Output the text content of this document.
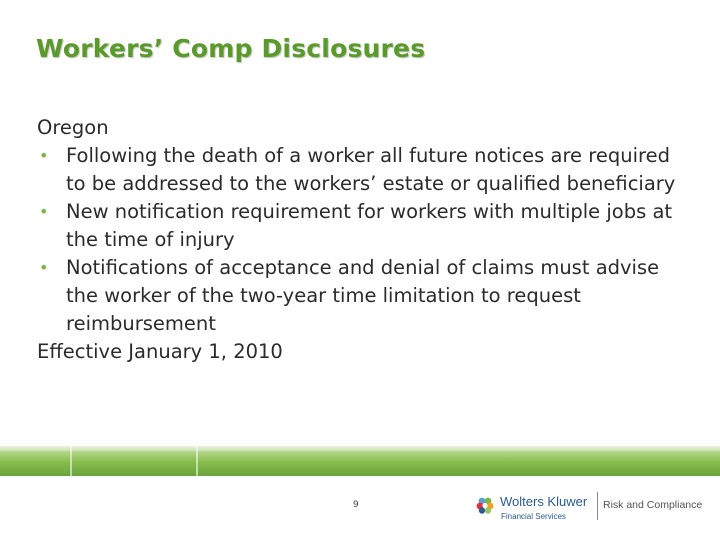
Workers’ Comp Disclosures

Oregon

• Following the death of a worker all future notices are required to be addressed to the workers’ estate or qualified beneficiary

• New notification requirement for workers with multiple jobs at the time of injury

• Notifications of acceptance and denial of claims must advise the worker of the two-year time limitation to request reimbursement

Effective January 1, 2010

9	Wolters Kluwer
Financial Services
Risk and Compliance
